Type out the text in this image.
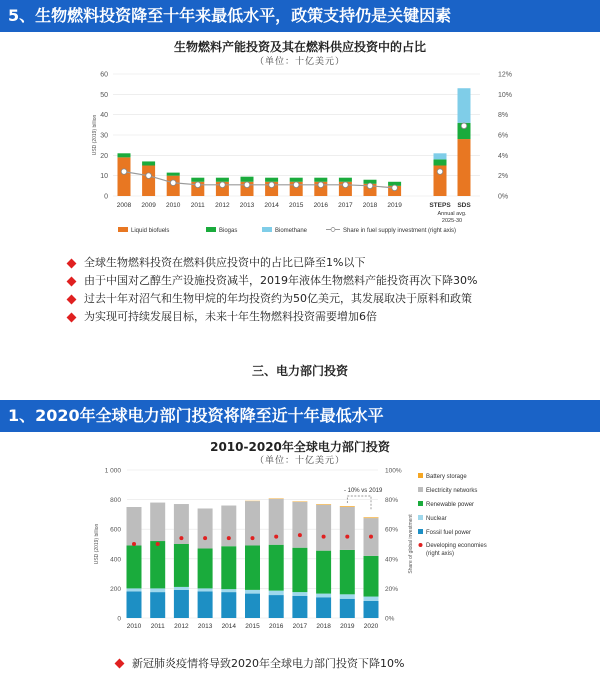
5、生物燃料投资降至十年来最低水平，政策支持仍是关键因素
生物燃料产能投资及其在燃料供应投资中的占比
（单位：十亿美元）
USD (2019) billion
0
10
20
30
40
50
60
0%
2%
4%
6%
8%
10%
12%
2008 2009 2010 2011 2012 2013 2014 2015 2016 2017 2018 2019	STEPS SDS
Annual avg.
2025-30
Liquid biofuels	Biogas	Biomethane	Share in fuel supply investment (right axis)
全球生物燃料投资在燃料供应投资中的占比已降至1%以下
由于中国对乙醇生产设施投资减半，2019年液体生物燃料产能投资再次下降30%
过去十年对沼气和生物甲烷的年均投资约为50亿美元，其发展取决于原料和政策
为实现可持续发展目标，未来十年生物燃料投资需要增加6倍
三、电力部门投资
1、2020年全球电力部门投资将降至近十年最低水平
2010-2020年全球电力部门投资
（单位：十亿美元）
USD (2019) billion	Share of global investment
0
200
400
600
800
1 000
0%
20%
40%
60%
80%
100%
2010 2011 2012 2013 2014 2015 2016 2017 2018 2019 2020
- 10% vs 2019
Battery storage
Electricity networks
Renewable power
Nuclear
Fossil fuel power
Developing economies
(right axis)
新冠肺炎疫情将导致2020年全球电力部门投资下降10%
